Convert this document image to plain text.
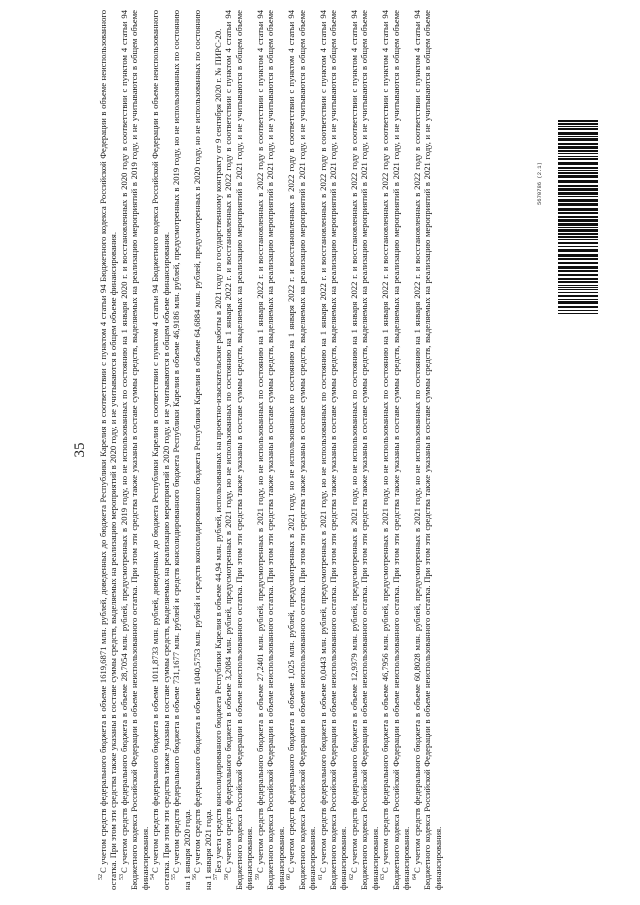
5670786 (2.1)
35

$^{52}$С учетом средств федерального бюджета в объеме 1619,6871 млн. рублей, доведенных до бюджета Республики Карелия в соответствии с пунктом 4 статьи 94 Бюджетного кодекса Российской Федерации в объеме неиспользованного остатка. При этом эти средства также указаны в составе суммы средств, выделяемых на реализацию мероприятий в 2020 году, и не учитываются в общем объеме финансирования. $^{53}$С учетом средств федерального бюджета в объеме 28,7054 млн. рублей, предусмотренных в 2019 году, но не использованных по состоянию на 1 января 2020 г. и восстановленных в 2020 году в соответствии с пунктом 4 статьи 94 Бюджетного кодекса Российской Федерации в объеме неиспользованного остатка. При этом эти средства также указаны в составе суммы средств, выделяемых на реализацию мероприятий в 2019 году, и не учитываются в общем объеме финансирования. $^{54}$С учетом средств федерального бюджета в объеме 1011,8733 млн. рублей, доведенных до бюджета Республики Карелия в соответствии с пунктом 4 статьи 94 Бюджетного кодекса Российской Федерации в объеме неиспользованного остатка. При этом эти средства также указаны в составе суммы средств, выделяемых на реализацию мероприятий в 2020 году, и не учитываются в общем объеме финансирования. $^{55}$С учетом средств федерального бюджета в объеме 731,1677 млн. рублей и средств консолидированного бюджета Республики Карелия в объеме 46,9186 млн. рублей, предусмотренных в 2019 году, но не использованных по состоянию на 1 января 2020 года. $^{56}$С учетом средств федерального бюджета в объеме 1040,5753 млн. рублей и средств консолидированного бюджета Республики Карелия в объеме 64,6884 млн. рублей, предусмотренных в 2020 году, но не использованных по состоянию на 1 января 2021 года. $^{57}$Без учета средств консолидированного бюджета Республики Карелия в объеме 44,94 млн. рублей, использованных на проектно-изыскательские работы в 2021 году по государственному контракту от 9 сентября 2020 г. № ПИРС-20.

$^{58}$С учетом средств федерального бюджета в объеме 3,2084 млн. рублей, предусмотренных в 2021 году, но не использованных по состоянию на 1 января 2022 г. и восстановленных в 2022 году в соответствии с пунктом 4 статьи 94 Бюджетного кодекса Российской Федерации в объеме неиспользованного остатка. При этом эти средства также указаны в составе суммы средств, выделяемых на реализацию мероприятий в 2021 году, и не учитываются в общем объеме финансирования. $^{59}$С учетом средств федерального бюджета в объеме 27,2401 млн. рублей, предусмотренных в 2021 году, но не использованных по состоянию на 1 января 2022 г. и восстановленных в 2022 году в соответствии с пунктом 4 статьи 94 Бюджетного кодекса Российской Федерации в объеме неиспользованного остатка. При этом эти средства также указаны в составе суммы средств, выделяемых на реализацию мероприятий в 2021 году, и не учитываются в общем объеме финансирования. $^{60}$С учетом средств федерального бюджета в объеме 1,025 млн. рублей, предусмотренных в 2021 году, но не использованных по состоянию на 1 января 2022 г. и восстановленных в 2022 году в соответствии с пунктом 4 статьи 94 Бюджетного кодекса Российской Федерации в объеме неиспользованного остатка. При этом эти средства также указаны в составе суммы средств, выделяемых на реализацию мероприятий в 2021 году, и не учитываются в общем объеме финансирования. $^{61}$С учетом средств федерального бюджета в объеме 0,0443 млн. рублей, предусмотренных в 2021 году, но не использованных по состоянию на 1 января 2022 г. и восстановленных в 2022 году в соответствии с пунктом 4 статьи 94 Бюджетного кодекса Российской Федерации в объеме неиспользованного остатка. При этом эти средства также указаны в составе суммы средств, выделяемых на реализацию мероприятий в 2021 году, и не учитываются в общем объеме финансирования. $^{62}$С учетом средств федерального бюджета в объеме 12,9379 млн. рублей, предусмотренных в 2021 году, но не использованных по состоянию на 1 января 2022 г. и восстановленных в 2022 году в соответствии с пунктом 4 статьи 94 Бюджетного кодекса Российской Федерации в объеме неиспользованного остатка. При этом эти средства также указаны в составе суммы средств, выделяемых на реализацию мероприятий в 2021 году, и не учитываются в общем объеме финансирования. $^{63}$С учетом средств федерального бюджета в объеме 46,7956 млн. рублей, предусмотренных в 2021 году, но не использованных по состоянию на 1 января 2022 г. и восстановленных в 2022 году в соответствии с пунктом 4 статьи 94 Бюджетного кодекса Российской Федерации в объеме неиспользованного остатка. При этом эти средства также указаны в составе суммы средств, выделяемых на реализацию мероприятий в 2021 году, и не учитываются в общем объеме финансирования. $^{64}$С учетом средств федерального бюджета в объеме 60,8028 млн. рублей, предусмотренных в 2021 году, но не использованных по состоянию на 1 января 2022 г. и восстановленных в 2022 году в соответствии с пунктом 4 статьи 94 Бюджетного кодекса Российской Федерации в объеме неиспользованного остатка. При этом эти средства также указаны в составе суммы средств, выделяемых на реализацию мероприятий в 2021 году, и не учитываются в общем объеме финансирования.
